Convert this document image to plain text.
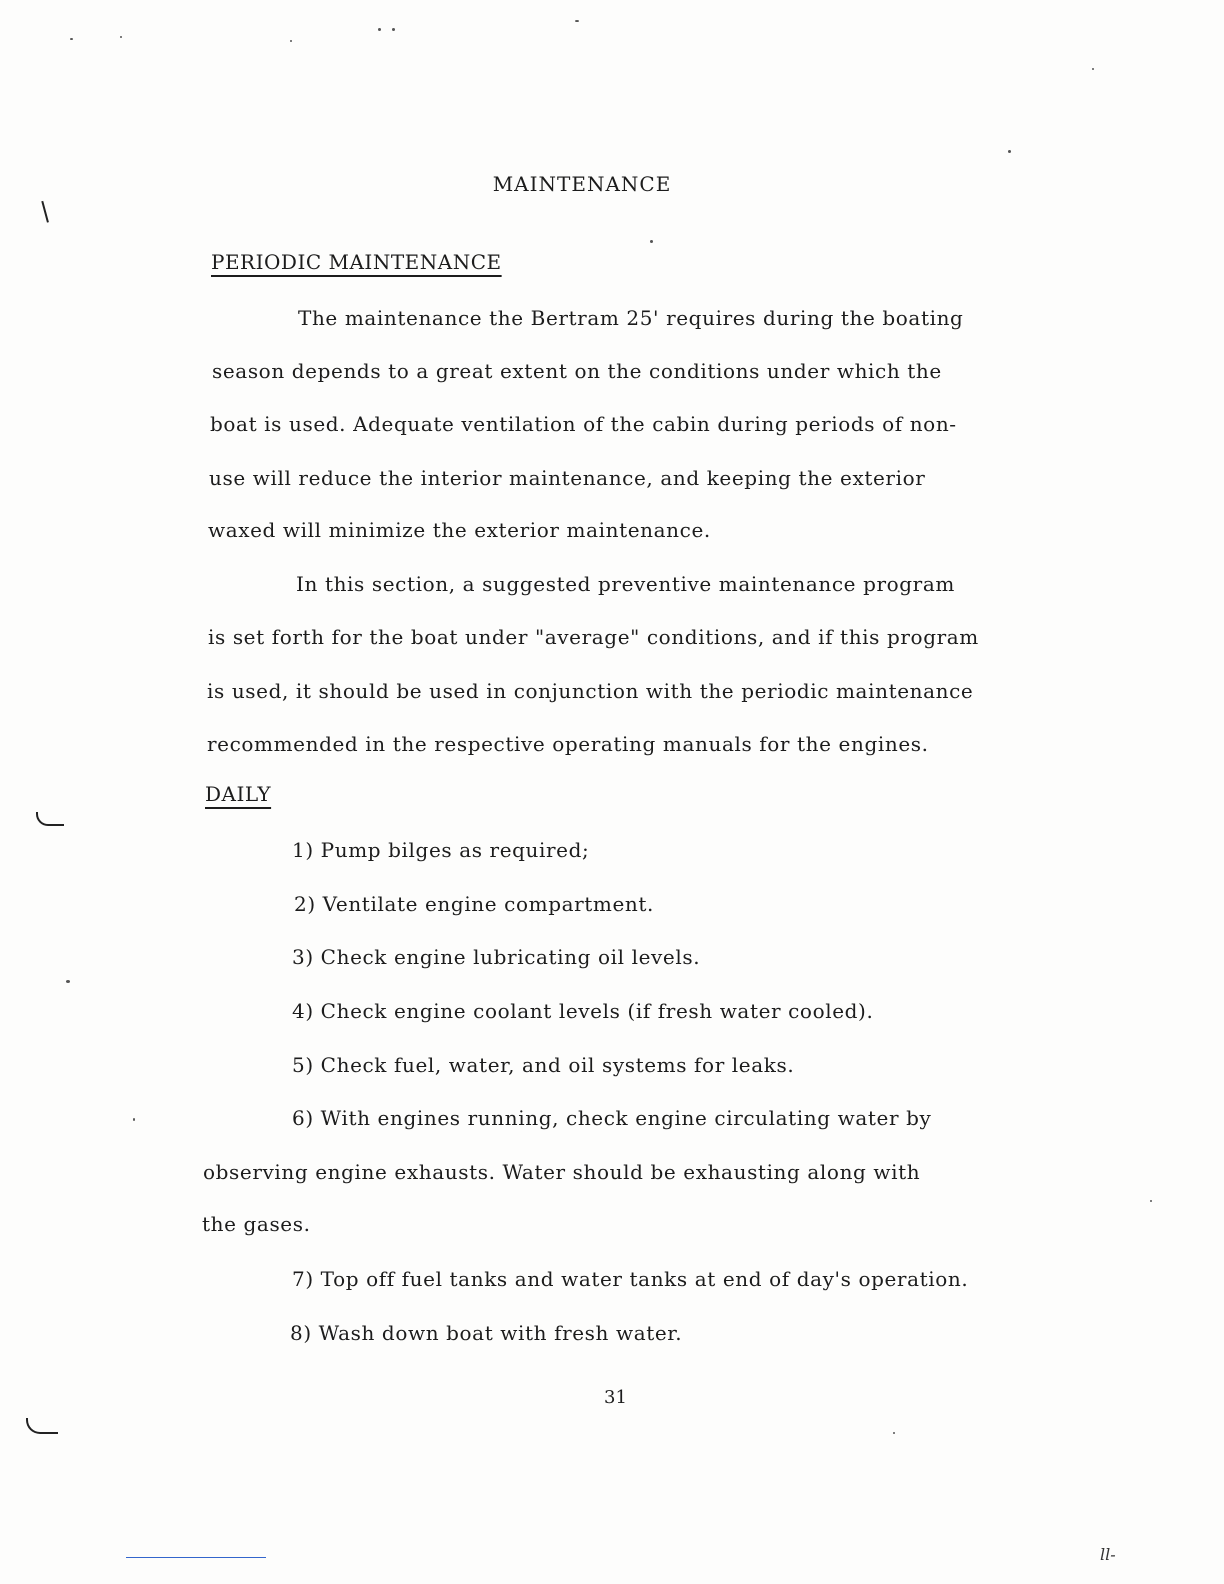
MAINTENANCE
PERIODIC MAINTENANCE
The maintenance the Bertram 25' requires during the boating
season depends to a great extent on the conditions under which the
boat is used. Adequate ventilation of the cabin during periods of non-
use will reduce the interior maintenance, and keeping the exterior
waxed will minimize the exterior maintenance.
In this section, a suggested preventive maintenance program
is set forth for the boat under "average" conditions, and if this program
is used, it should be used in conjunction with the periodic maintenance
recommended in the respective operating manuals for the engines.
DAILY
1) Pump bilges as required;
2) Ventilate engine compartment.
3) Check engine lubricating oil levels.
4) Check engine coolant levels (if fresh water cooled).
5) Check fuel, water, and oil systems for leaks.
6) With engines running, check engine circulating water by
observing engine exhausts. Water should be exhausting along with
the gases.
7) Top off fuel tanks and water tanks at end of day's operation.
8) Wash down boat with fresh water.
31
ll-
